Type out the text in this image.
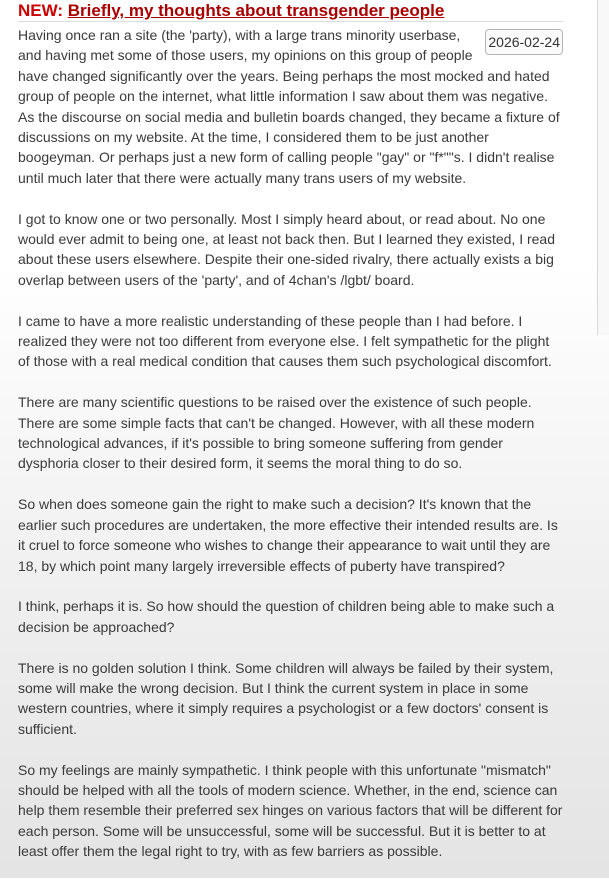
NEW: Briefly, my thoughts about transgender people
2026-02-24

Having once ran a site (the 'party), with a large trans minority userbase, and having met some of those users, my opinions on this group of people have changed significantly over the years. Being perhaps the most mocked and hated group of people on the internet, what little information I saw about them was negative. As the discourse on social media and bulletin boards changed, they became a fixture of discussions on my website. At the time, I considered them to be just another boogeyman. Or perhaps just a new form of calling people "gay" or "f*""s. I didn't realise until much later that there were actually many trans users of my website.

I got to know one or two personally. Most I simply heard about, or read about. No one would ever admit to being one, at least not back then. But I learned they existed, I read about these users elsewhere. Despite their one-sided rivalry, there actually exists a big overlap between users of the 'party', and of 4chan's /lgbt/ board.

I came to have a more realistic understanding of these people than I had before. I realized they were not too different from everyone else. I felt sympathetic for the plight of those with a real medical condition that causes them such psychological discomfort.

There are many scientific questions to be raised over the existence of such people. There are some simple facts that can't be changed. However, with all these modern technological advances, if it's possible to bring someone suffering from gender dysphoria closer to their desired form, it seems the moral thing to do so.

So when does someone gain the right to make such a decision? It's known that the earlier such procedures are undertaken, the more effective their intended results are. Is it cruel to force someone who wishes to change their appearance to wait until they are 18, by which point many largely irreversible effects of puberty have transpired?

I think, perhaps it is. So how should the question of children being able to make such a decision be approached?

There is no golden solution I think. Some children will always be failed by their system, some will make the wrong decision. But I think the current system in place in some western countries, where it simply requires a psychologist or a few doctors' consent is sufficient.

So my feelings are mainly sympathetic. I think people with this unfortunate "mismatch" should be helped with all the tools of modern science. Whether, in the end, science can help them resemble their preferred sex hinges on various factors that will be different for each person. Some will be unsuccessful, some will be successful. But it is better to at least offer them the legal right to try, with as few barriers as possible.
